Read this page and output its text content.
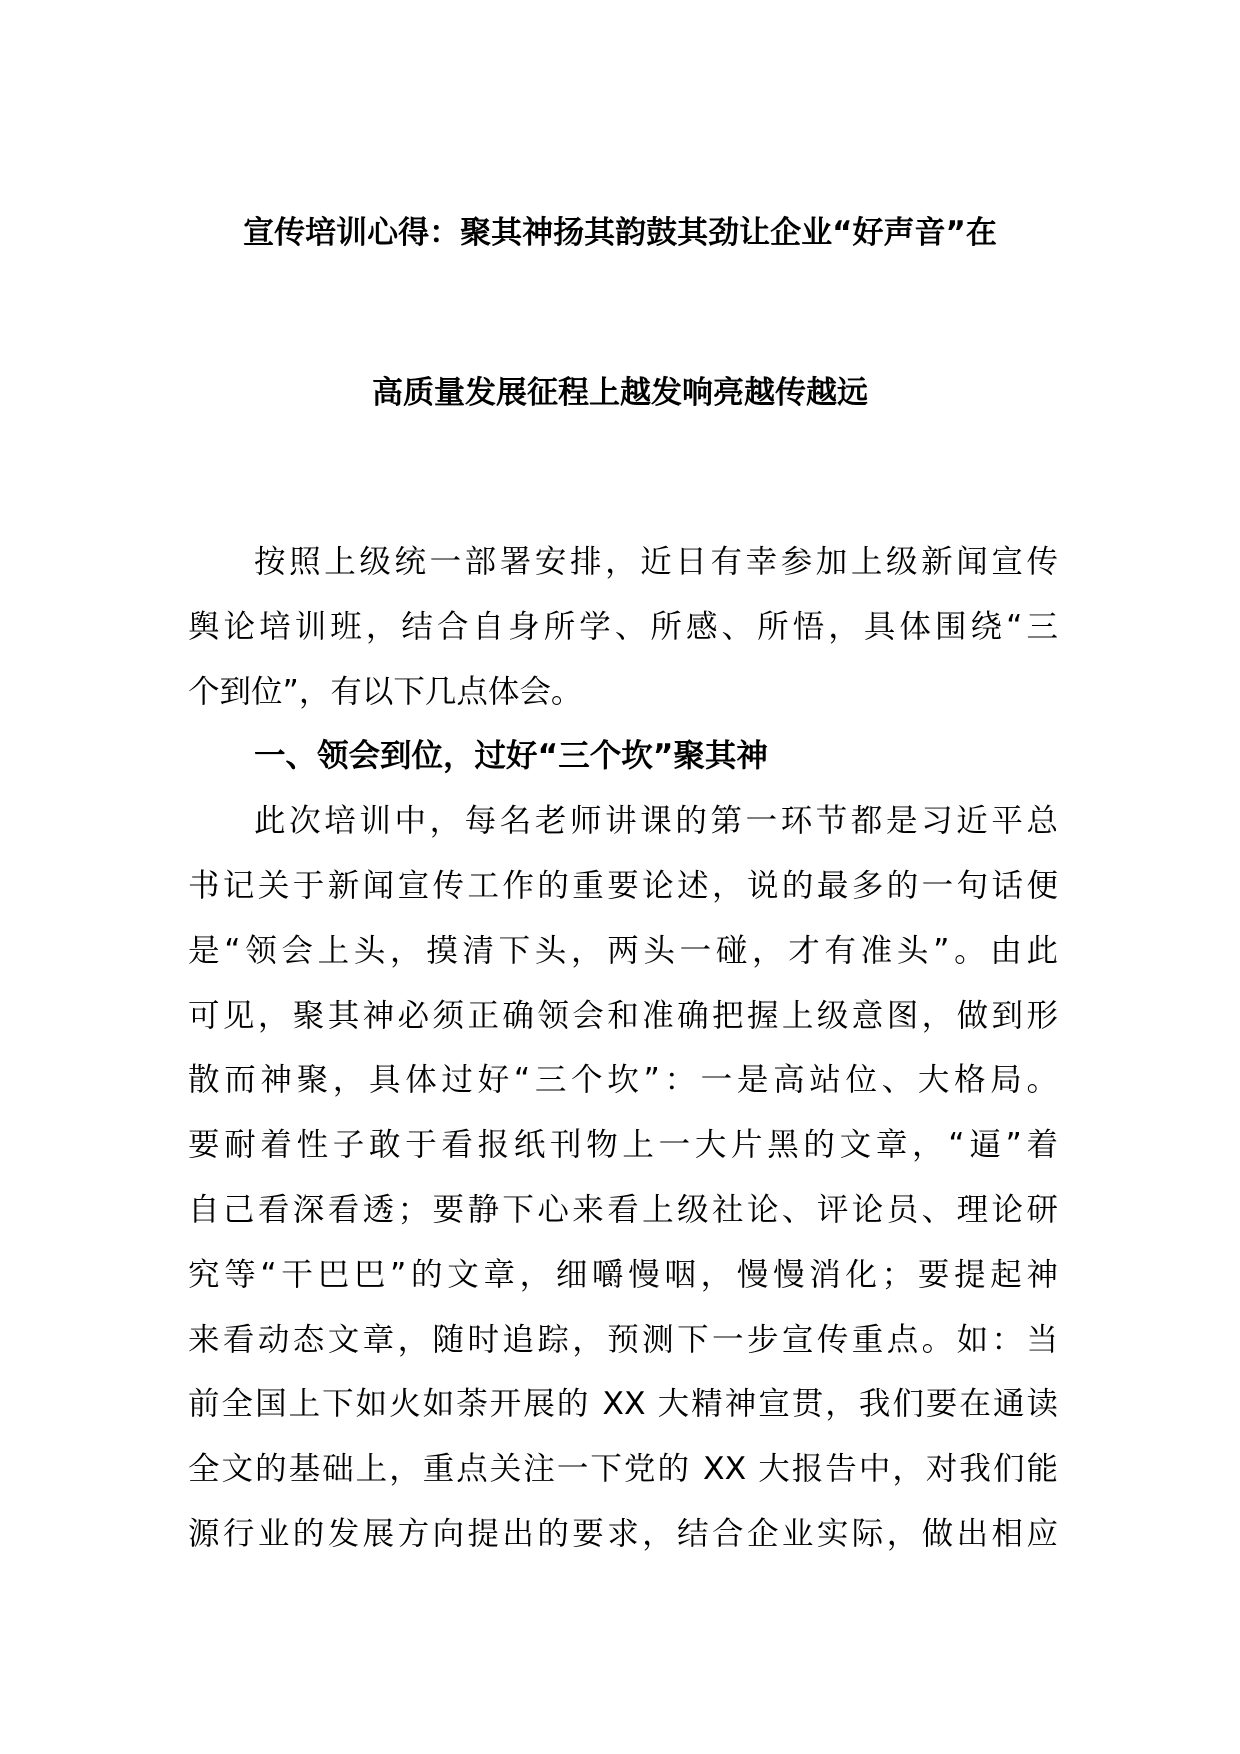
宣传培训心得：聚其神扬其韵鼓其劲让企业“好声音”在
高质量发展征程上越发响亮越传越远
按照上级统一部署安排，近日有幸参加上级新闻宣传
舆论培训班，结合自身所学、所感、所悟，具体围绕“三
个到位”，有以下几点体会。
一、领会到位，过好“三个坎”聚其神
此次培训中，每名老师讲课的第一环节都是习近平总
书记关于新闻宣传工作的重要论述，说的最多的一句话便
是“领会上头，摸清下头，两头一碰，才有准头”。由此
可见，聚其神必须正确领会和准确把握上级意图，做到形
散而神聚，具体过好“三个坎”：一是高站位、大格局。
要耐着性子敢于看报纸刊物上一大片黑的文章，“逼”着
自己看深看透；要静下心来看上级社论、评论员、理论研
究等“干巴巴”的文章，细嚼慢咽，慢慢消化；要提起神
来看动态文章，随时追踪，预测下一步宣传重点。如：当
前全国上下如火如荼开展的 XX 大精神宣贯，我们要在通读
全文的基础上，重点关注一下党的 XX 大报告中，对我们能
源行业的发展方向提出的要求，结合企业实际，做出相应
